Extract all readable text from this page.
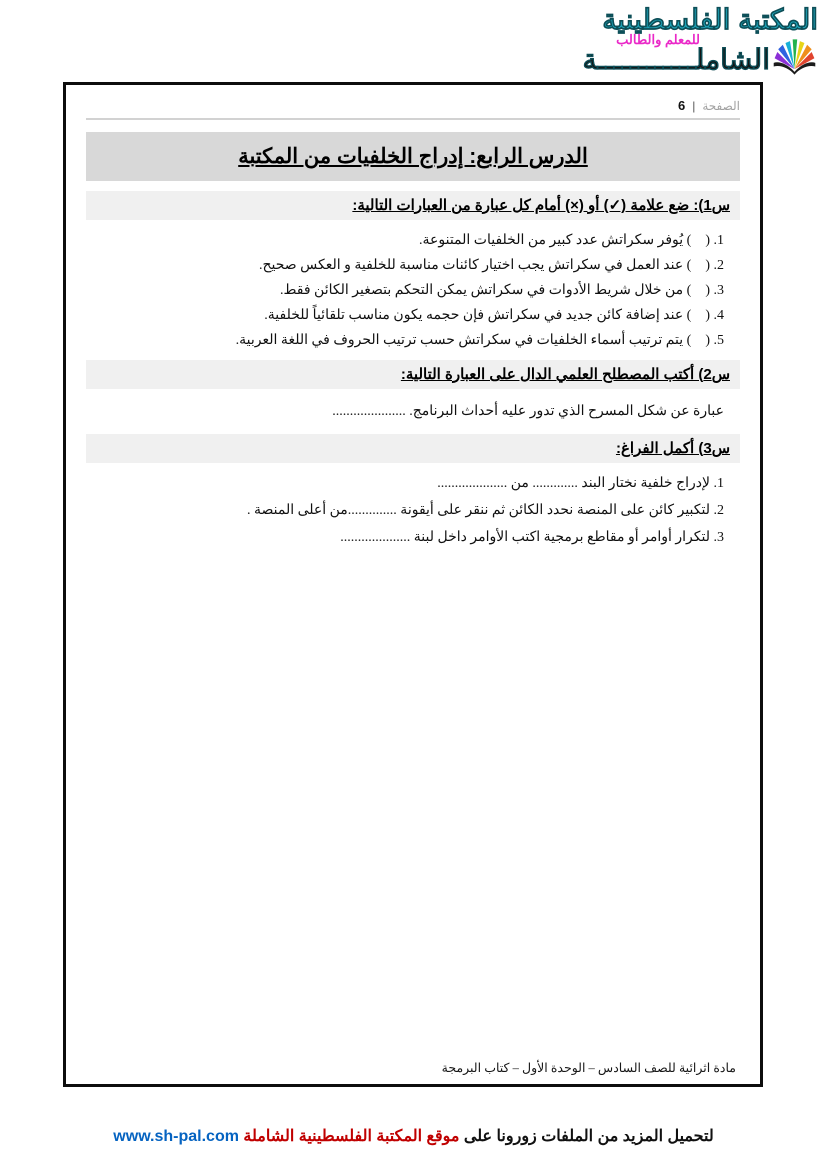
المكتبة الفلسطينية
الشاملــــــــــــة
للمعلم والطالب
6 | الصفحة
الدرس الرابع: إدراج الخلفيات من المكتبة
س1): ضع علامة (✓) أو (×) أمام كل عبارة من العبارات التالية:
1. (    ) يُوفر سكراتش عدد كبير من الخلفيات المتنوعة.
2. (    ) عند العمل في سكراتش يجب اختيار كائنات مناسبة للخلفية و العكس صحيح.
3. (    ) من خلال شريط الأدوات في سكراتش يمكن التحكم بتصغير الكائن فقط.
4. (    ) عند إضافة كائن جديد في سكراتش فإن حجمه يكون مناسب تلقائياً للخلفية.
5. (    ) يتم ترتيب أسماء الخلفيات في سكراتش حسب ترتيب الحروف في اللغة العربية.
س2) أكتب المصطلح العلمي الدال على العبارة التالية:
عبارة عن شكل المسرح الذي تدور عليه أحداث البرنامج. .....................
س3) أكمل الفراغ:
1. لإدراج خلفية نختار البند ............. من ....................
2. لتكبير كائن على المنصة نحدد الكائن ثم ننقر على أيقونة ..............من أعلى المنصة .
3. لتكرار أوامر أو مقاطع برمجية اكتب الأوامر داخل لبنة ....................
مادة اثرائية للصف السادس – الوحدة الأول – كتاب البرمجة
لتحميل المزيد من الملفات زورونا على موقع المكتبة الفلسطينية الشاملة www.sh-pal.com
